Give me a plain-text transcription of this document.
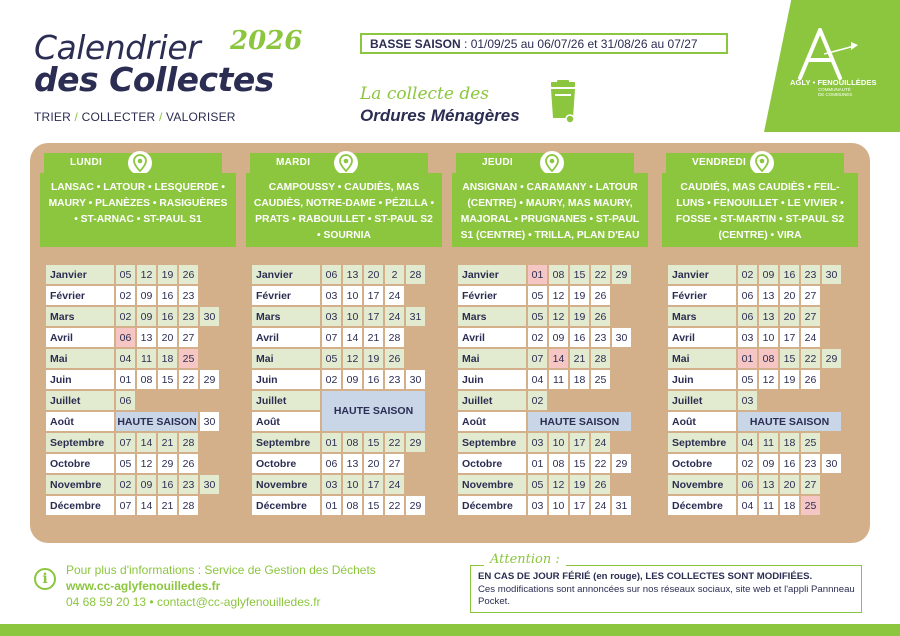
Calendrier
des Collectes
2026
TRIER / COLLECTER / VALORISER
BASSE SAISON : 01/09/25 au 06/07/26 et 31/08/26 au 07/27
La collecte des
Ordures Ménagères
AGLY • FENOUILLÈDES
COMMUNAUTÉ DE COMMUNES
LUNDI
LANSAC • LATOUR • LESQUERDE • MAURY • PLANÈZES • RASIGUÈRES • ST-ARNAC • ST-PAUL S1
Janvier	05	12	19	26	
Février	02	09	16	23	
Mars	02	09	16	23	30
Avril	06	13	20	27	
Mai	04	11	18	25	
Juin	01	08	15	22	29
Juillet	06				
Août	HAUTE SAISON				30
Septembre	07	14	21	28	
Octobre	05	12	29	26	
Novembre	02	09	16	23	30
Décembre	07	14	21	28	
MARDI
CAMPOUSSY • CAUDIÈS, MAS CAUDIÈS, NOTRE-DAME • PÉZILLA • PRATS • RABOUILLET • ST-PAUL S2 • SOURNIA
Janvier	06	13	20	2	28
Février	03	10	17	24	
Mars	03	10	17	24	31
Avril	07	14	21	28	
Mai	05	12	19	26	
Juin	02	09	16	23	30
Juillet	HAUTE SAISON				
Août					
Septembre	01	08	15	22	29
Octobre	06	13	20	27	
Novembre	03	10	17	24	
Décembre	01	08	15	22	29
JEUDI
ANSIGNAN • CARAMANY • LATOUR (CENTRE) • MAURY, MAS MAURY, MAJORAL • PRUGNANES • ST-PAUL S1 (CENTRE) • TRILLA, PLAN D'EAU
Janvier	01	08	15	22	29
Février	05	12	19	26	
Mars	05	12	19	26	
Avril	02	09	16	23	30
Mai	07	14	21	28	
Juin	04	11	18	25	
Juillet	02				
Août	HAUTE SAISON				
Septembre	03	10	17	24	
Octobre	01	08	15	22	29
Novembre	05	12	19	26	
Décembre	03	10	17	24	31
VENDREDI
CAUDIÈS, MAS CAUDIÈS • FEIL-LUNS • FENOUILLET • LE VIVIER • FOSSE • ST-MARTIN • ST-PAUL S2 (CENTRE) • VIRA
Janvier	02	09	16	23	30
Février	06	13	20	27	
Mars	06	13	20	27	
Avril	03	10	17	24	
Mai	01	08	15	22	29
Juin	05	12	19	26	
Juillet	03				
Août	HAUTE SAISON				
Septembre	04	11	18	25	
Octobre	02	09	16	23	30
Novembre	06	13	20	27	
Décembre	04	11	18	25	
i
Pour plus d'informations : Service de Gestion des Déchets
www.cc-aglyfenouilledes.fr
04 68 59 20 13 • contact@cc-aglyfenouilledes.fr
Attention :
EN CAS DE JOUR FÉRIÉ (en rouge), LES COLLECTES SONT MODIFIÉES.
Ces modifications sont annoncées sur nos réseaux sociaux, site web et l'appli Pannneau Pocket.
